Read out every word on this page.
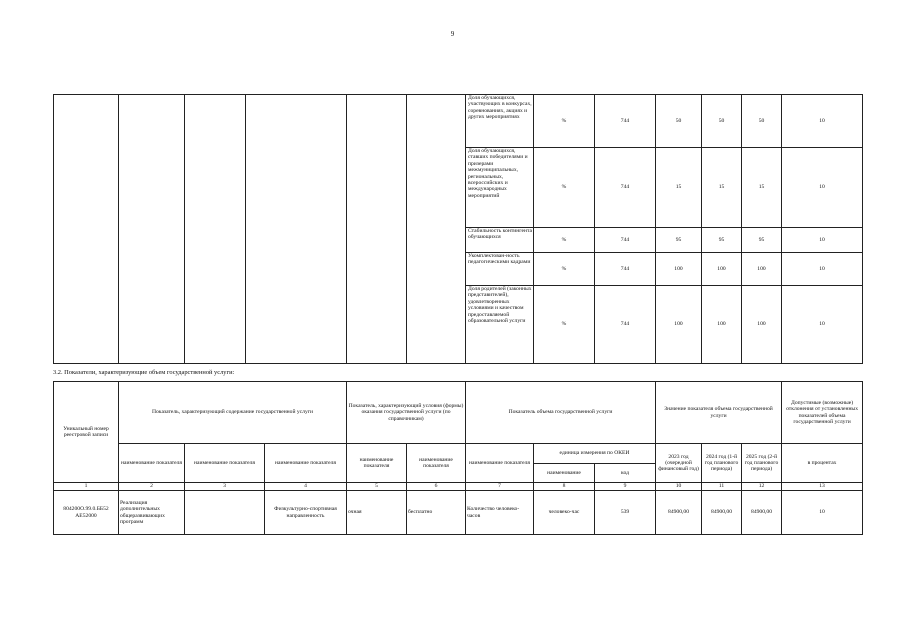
9
						Доля обучающихся, участвующих в конкурсах, соревнованиях, акциях и других мероприятиях	%	744	50	50	50	10
						Доля обучающихся, ставших победителями и призерами межмуниципальных, региональных, всероссийских и международных мероприятий	%	744	15	15	15	10
						Стабильность контингента обучающихся	%	744	95	95	95	10
						Укомплектован-ность педагогическими кадрами	%	744	100	100	100	10
						Доля родителей (законных представителей), удовлетворенных условиями и качеством предоставляемой образовательной услуги	%	744	100	100	100	10
3.2. Показатели, характеризующие объем государственной услуги:
Уникальный номер реестровой записи	Показатель, характеризующий содержание государственной услуги			Показатель, характеризующий условия (формы) оказания государственной услуги (по справочникам)		Показатель объема государственной услуги			Значение показателя объема государственной услуги			Допустимые (возможные) отклонения от установленных показателей объема государственной услуги
	наименование показателя	наименование показателя	наименование показателя	наименование показателя	наименование показателя	наименование показателя	единица измерения по ОКЕИ		2023 год (очередной финансовый год)	2024 год (1-й год планового периода)	2025 год (2-й год планового периода)	в процентах
							наименование	код				
1	2	3	4	5	6	7	8	9	10	11	12	13
804200О.99.0.ББ52 АЕ52000	Реализация дополнительных общеразвивающих программ		Физкультурно-спортивная направленность	очная	бесплатно	Количество человеко-часов	человеко-час	539	84900,00	84900,00	84900,00	10
